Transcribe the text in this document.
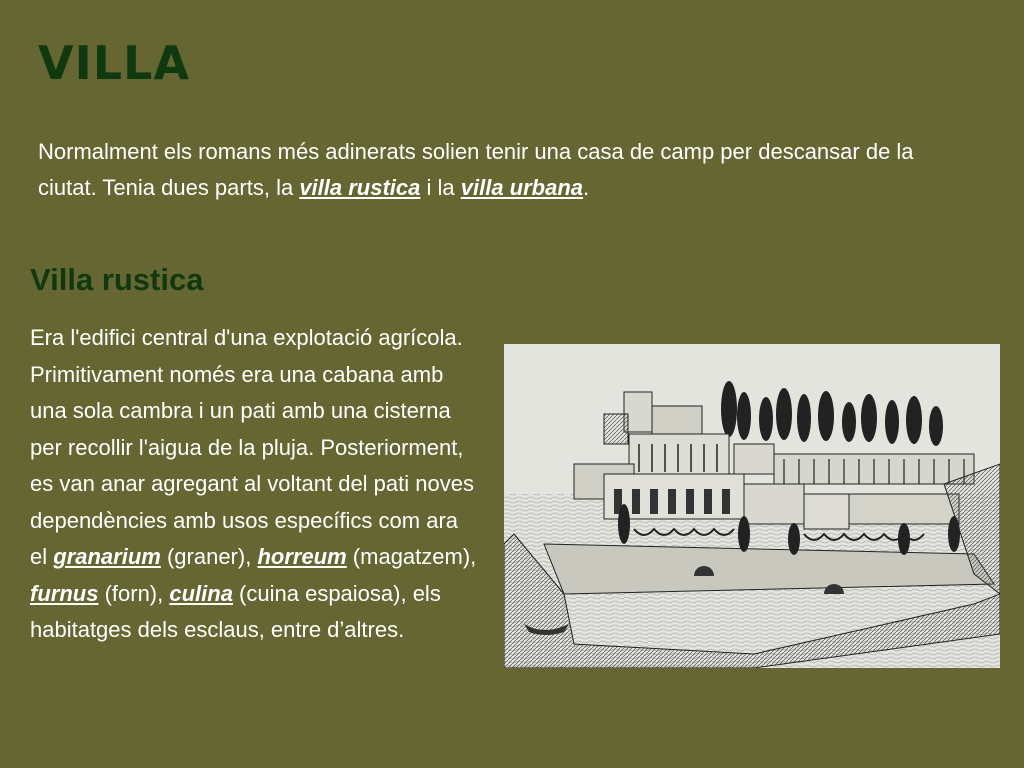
VILLA

Normalment els romans més adinerats solien tenir una casa de camp per descansar de la ciutat. Tenia dues parts, la villa rustica i la villa urbana.

Villa rustica

Era l'edifici central d'una explotació agrícola. Primitivament només era una cabana amb una sola cambra i un pati amb una cisterna per recollir l'aigua de la pluja. Posteriorment, es van anar agregant al voltant del pati noves dependències amb usos específics com ara el granarium (graner), horreum (magatzem), furnus (forn), culina (cuina espaiosa), els habitatges dels esclaus, entre d’altres.
